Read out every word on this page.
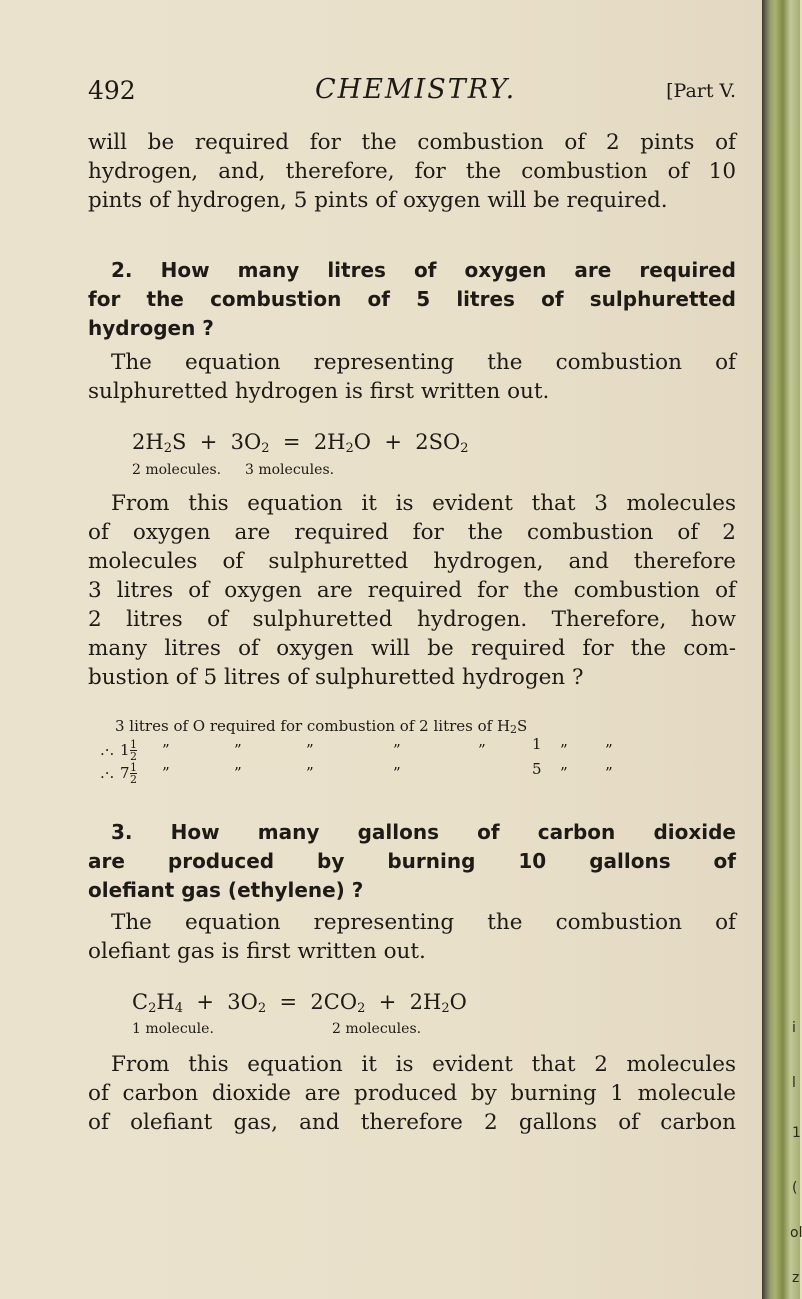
i
l
1
(
ol
z
492	CHEMISTRY.	[Part V.
will be required for the combustion of 2 pints of
hydrogen, and, therefore, for the combustion of 10
pints of hydrogen, 5 pints of oxygen will be required.
2. How many litres of oxygen are required
for the combustion of 5 litres of sulphuretted
hydrogen ?
The equation representing the combustion of
sulphuretted hydrogen is first written out.
$2H_2S + 3O_2 = 2H_2O + 2SO_2$
2 molecules. 3 molecules.
From this equation it is evident that 3 molecules
of oxygen are required for the combustion of 2
molecules of sulphuretted hydrogen, and therefore
3 litres of oxygen are required for the combustion of
2 litres of sulphuretted hydrogen. Therefore, how
many litres of oxygen will be required for the com-
bustion of 5 litres of sulphuretted hydrogen ?
3 litres of O required for combustion of 2 litres of $H_2S$
.·. $1 \frac{1}{2}$ ”	”	”	”	”	1 ” ”
.·. $7 \frac{1}{2}$ ”	”	”	”	5 ” ”
3. How many gallons of carbon dioxide
are produced by burning 10 gallons of
olefiant gas (ethylene) ?
The equation representing the combustion of
olefiant gas is first written out.
$C_2H_4 + 3O_2 = 2CO_2 + 2H_2O$
1 molecule.	2 molecules.
From this equation it is evident that 2 molecules
of carbon dioxide are produced by burning 1 molecule
of olefiant gas, and therefore 2 gallons of carbon
